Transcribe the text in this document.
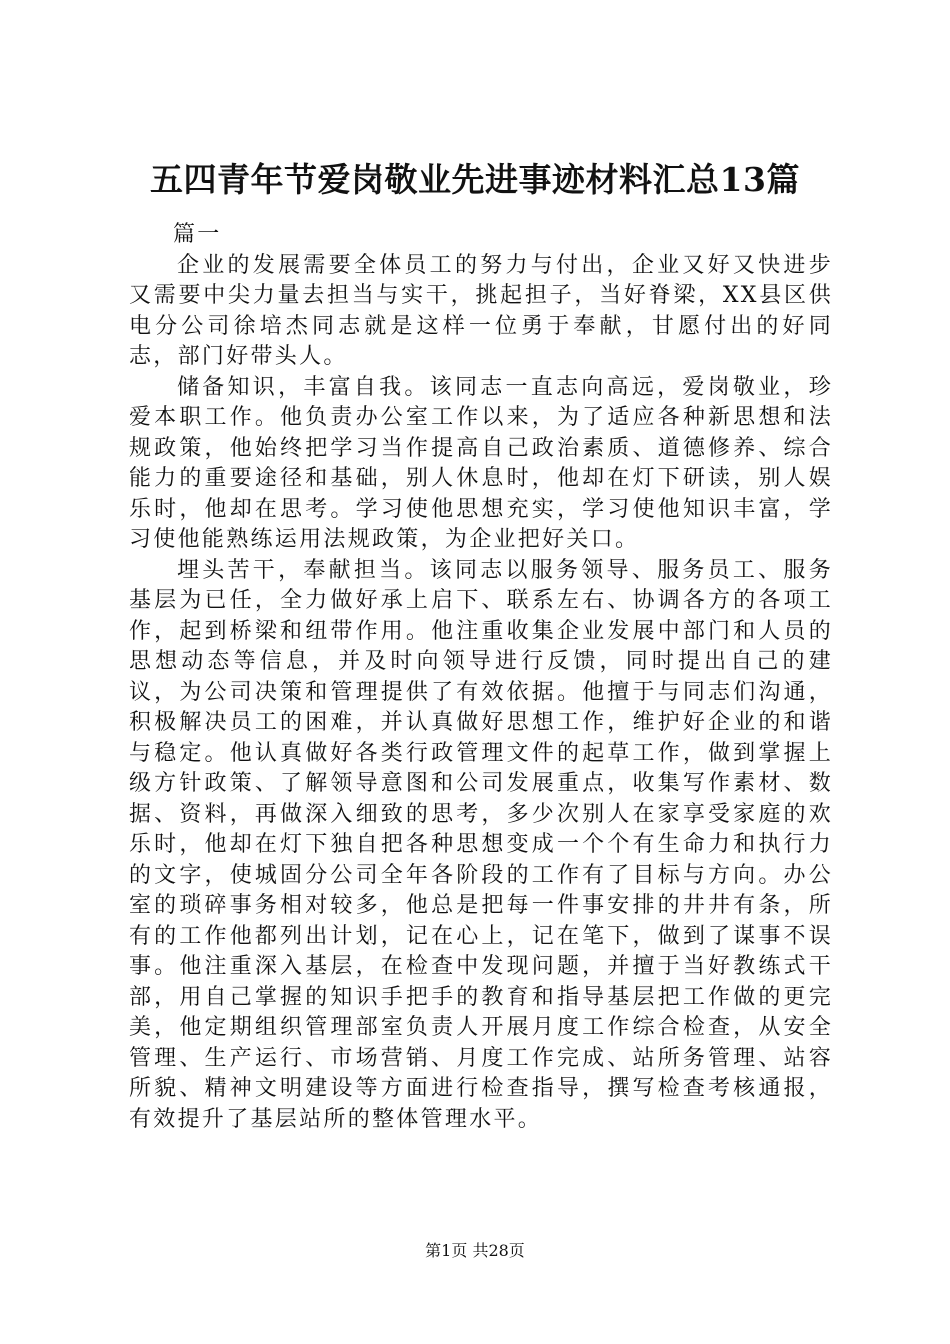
五四青年节爱岗敬业先进事迹材料汇总13篇

篇一

企业的发展需要全体员工的努力与付出，企业又好又快进步又需要中尖力量去担当与实干，挑起担子，当好脊梁，XX县区供电分公司徐培杰同志就是这样一位勇于奉献，甘愿付出的好同志，部门好带头人。

储备知识，丰富自我。该同志一直志向高远，爱岗敬业，珍爱本职工作。他负责办公室工作以来，为了适应各种新思想和法规政策，他始终把学习当作提高自己政治素质、道德修养、综合能力的重要途径和基础，别人休息时，他却在灯下研读，别人娱乐时，他却在思考。学习使他思想充实，学习使他知识丰富，学习使他能熟练运用法规政策，为企业把好关口。

埋头苦干，奉献担当。该同志以服务领导、服务员工、服务基层为已任，全力做好承上启下、联系左右、协调各方的各项工作，起到桥梁和纽带作用。他注重收集企业发展中部门和人员的思想动态等信息，并及时向领导进行反馈，同时提出自己的建议，为公司决策和管理提供了有效依据。他擅于与同志们沟通，积极解决员工的困难，并认真做好思想工作，维护好企业的和谐与稳定。他认真做好各类行政管理文件的起草工作，做到掌握上级方针政策、了解领导意图和公司发展重点，收集写作素材、数据、资料，再做深入细致的思考，多少次别人在家享受家庭的欢乐时，他却在灯下独自把各种思想变成一个个有生命力和执行力的文字，使城固分公司全年各阶段的工作有了目标与方向。办公室的琐碎事务相对较多，他总是把每一件事安排的井井有条，所有的工作他都列出计划，记在心上，记在笔下，做到了谋事不误事。他注重深入基层，在检查中发现问题，并擅于当好教练式干部，用自己掌握的知识手把手的教育和指导基层把工作做的更完美，他定期组织管理部室负责人开展月度工作综合检查，从安全管理、生产运行、市场营销、月度工作完成、站所务管理、站容所貌、精神文明建设等方面进行检查指导，撰写检查考核通报，有效提升了基层站所的整体管理水平。

第1页 共28页
